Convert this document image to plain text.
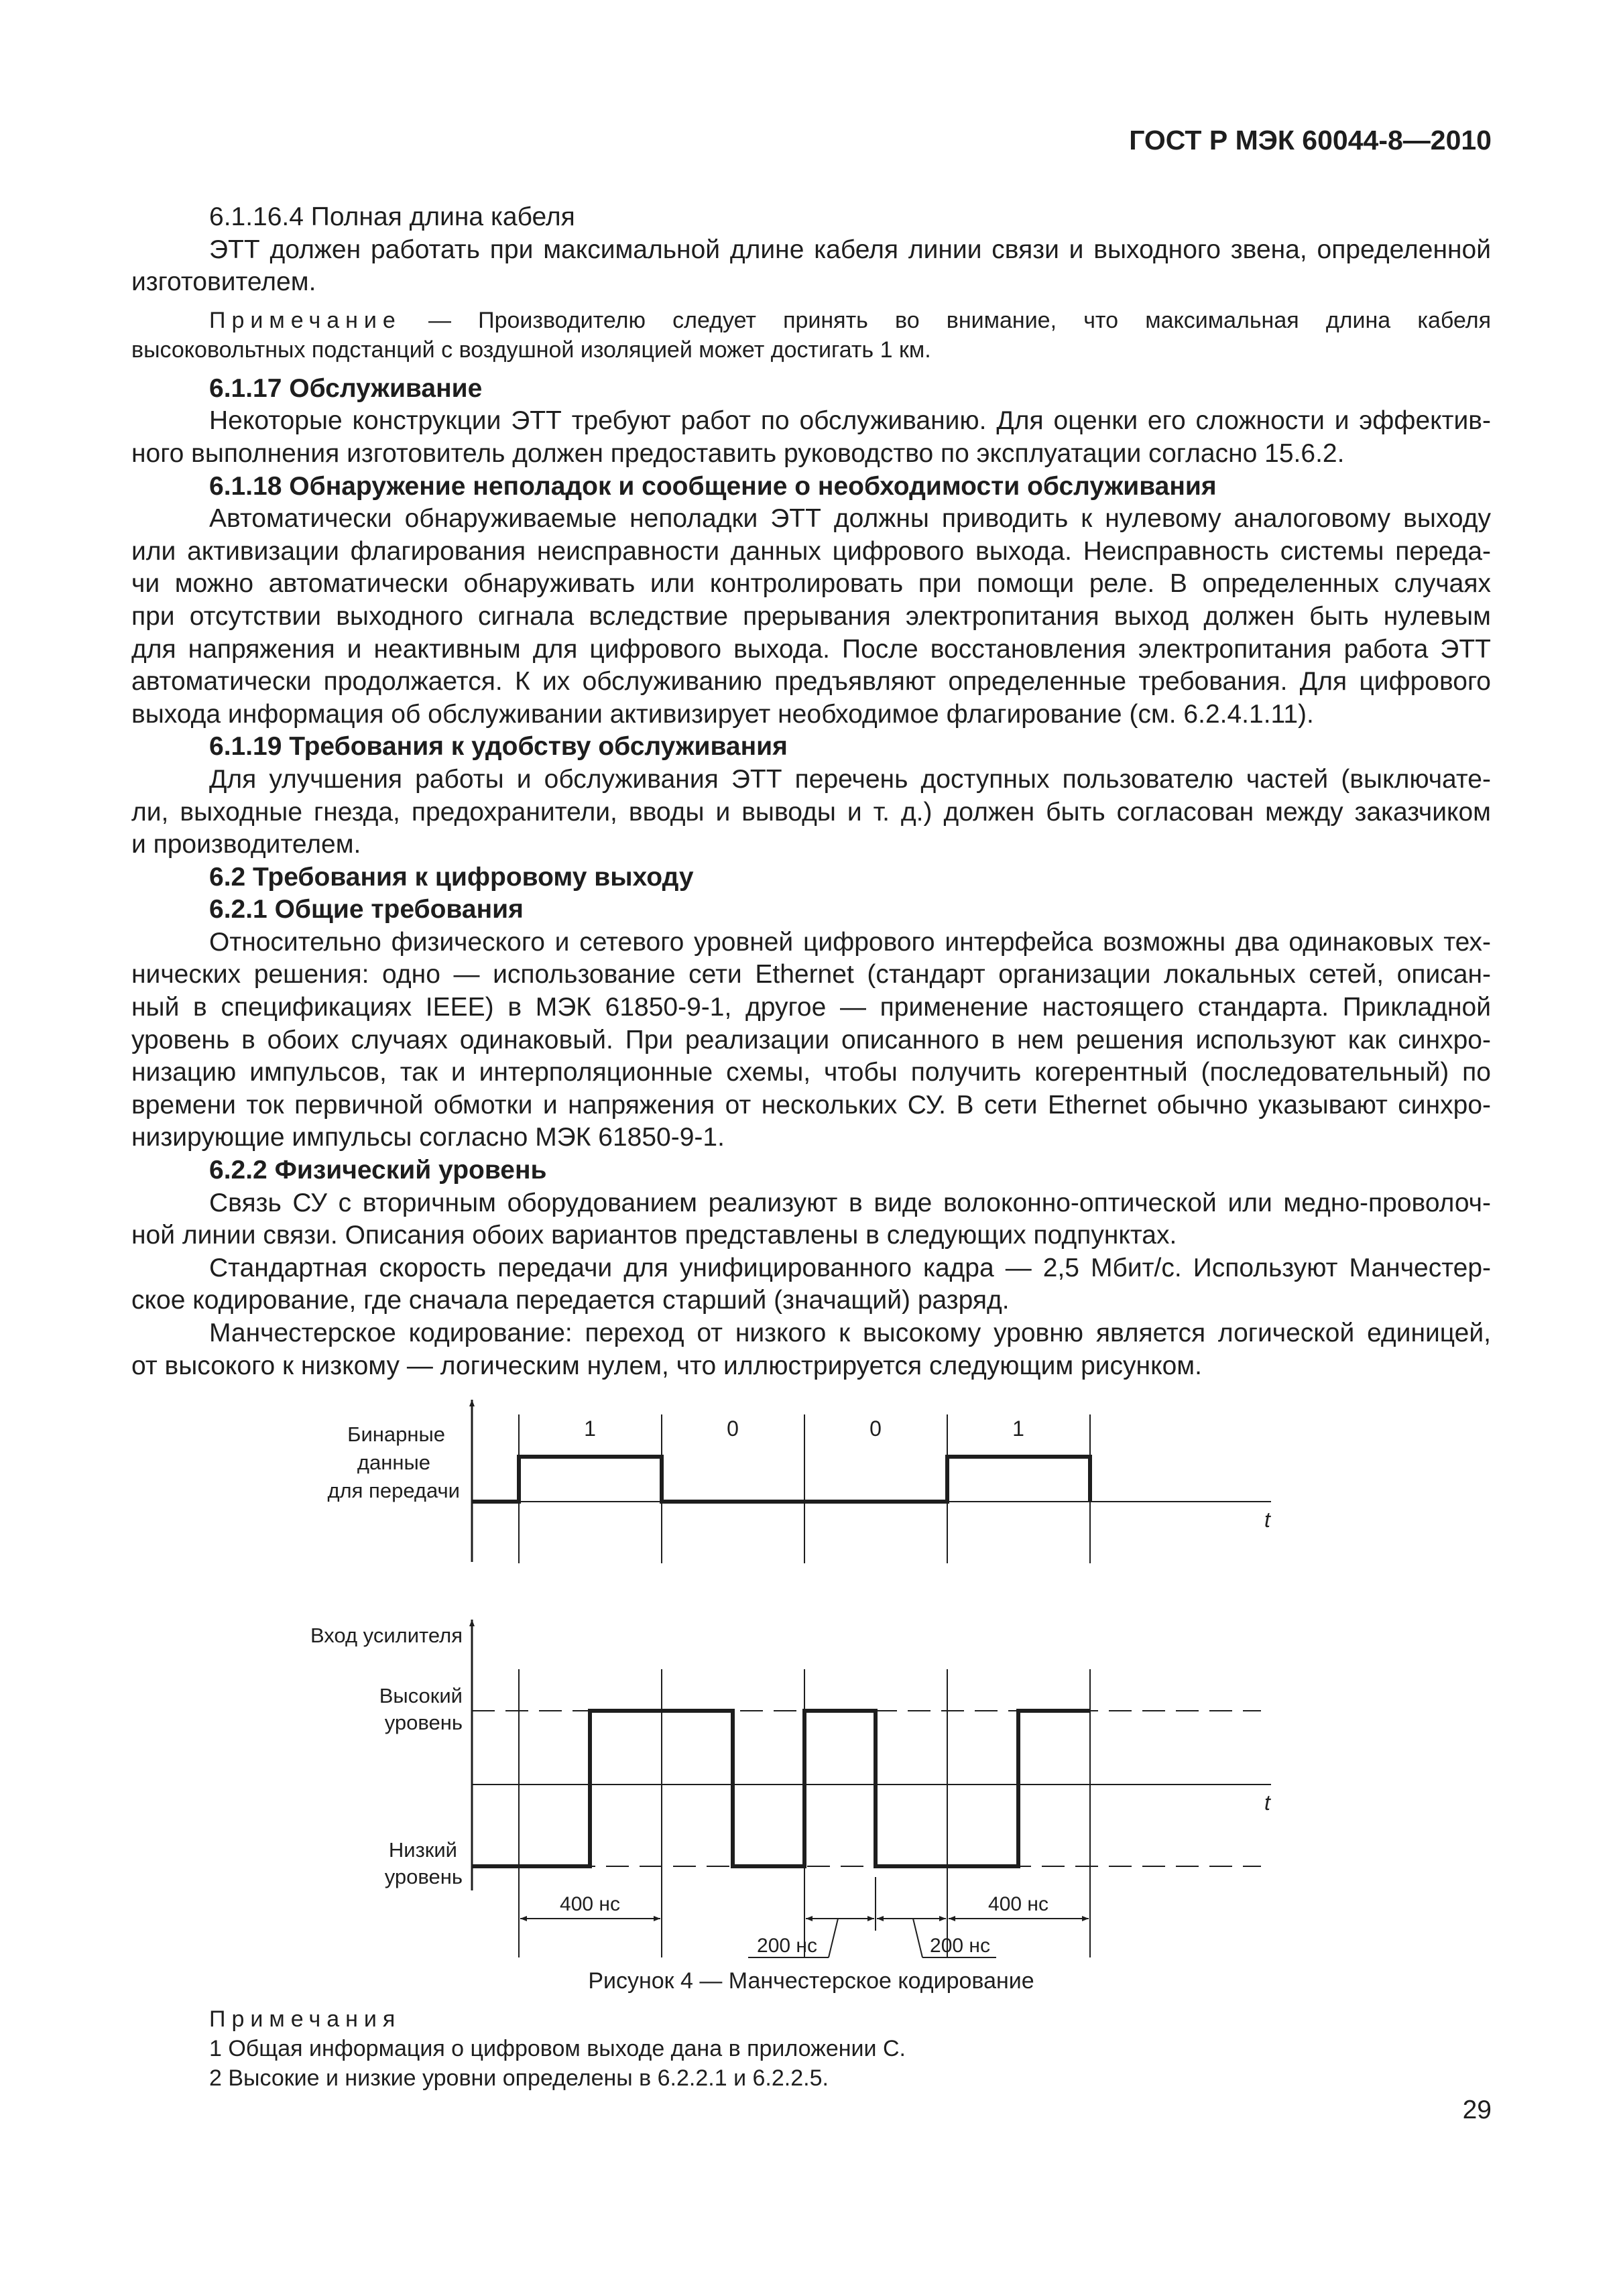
ГОСТ Р МЭК 60044-8—2010

6.1.16.4 Полная длина кабеля

ЭТТ должен работать при максимальной длине кабеля линии связи и выходного звена, определенной

изготовителем.

Примечание — Производителю следует принять во внимание, что максимальная длина кабеля

высоковольтных подстанций с воздушной изоляцией может достигать 1 км.

6.1.17 Обслуживание

Некоторые конструкции ЭТТ требуют работ по обслуживанию. Для оценки его сложности и эффектив-

ного выполнения изготовитель должен предоставить руководство по эксплуатации согласно 15.6.2.

6.1.18 Обнаружение неполадок и сообщение о необходимости обслуживания

Автоматически обнаруживаемые неполадки ЭТТ должны приводить к нулевому аналоговому выходу

или активизации флагирования неисправности данных цифрового выхода. Неисправность системы переда-

чи можно автоматически обнаруживать или контролировать при помощи реле. В определенных случаях

при отсутствии выходного сигнала вследствие прерывания электропитания выход должен быть нулевым

для напряжения и неактивным для цифрового выхода. После восстановления электропитания работа ЭТТ

автоматически продолжается. К их обслуживанию предъявляют определенные требования. Для цифрового

выхода информация об обслуживании активизирует необходимое флагирование (см. 6.2.4.1.11).

6.1.19 Требования к удобству обслуживания

Для улучшения работы и обслуживания ЭТТ перечень доступных пользователю частей (выключате-

ли, выходные гнезда, предохранители, вводы и выводы и т. д.) должен быть согласован между заказчиком

и производителем.

6.2 Требования к цифровому выходу

6.2.1 Общие требования

Относительно физического и сетевого уровней цифрового интерфейса возможны два одинаковых тех-

нических решения: одно — использование сети Ethernet (стандарт организации локальных сетей, описан-

ный в спецификациях IEEE) в МЭК 61850-9-1, другое — применение настоящего стандарта. Прикладной

уровень в обоих случаях одинаковый. При реализации описанного в нем решения используют как синхро-

низацию импульсов, так и интерполяционные схемы, чтобы получить когерентный (последовательный) по

времени ток первичной обмотки и напряжения от нескольких СУ. В сети Ethernet обычно указывают синхро-

низирующие импульсы согласно МЭК 61850-9-1.

6.2.2 Физический уровень

Связь СУ с вторичным оборудованием реализуют в виде волоконно-оптической или медно-проволоч-

ной линии связи. Описания обоих вариантов представлены в следующих подпунктах.

Стандартная скорость передачи для унифицированного кадра — 2,5 Мбит/с. Используют Манчестер-

ское кодирование, где сначала передается старший (значащий) разряд.

Манчестерское кодирование: переход от низкого к высокому уровню является логической единицей,

от высокого к низкому — логическим нулем, что иллюстрируется следующим рисунком.

1	0	0	1
Бинарные
данные
для передачи
t
Вход усилителя
Высокий
уровень
Низкий
уровень
t
400 нс	400 нс
200 нс	200 нс
Рисунок 4 — Манчестерское кодирование

Примечания

1 Общая информация о цифровом выходе дана в приложении С.

2 Высокие и низкие уровни определены в 6.2.2.1 и 6.2.2.5.

29
